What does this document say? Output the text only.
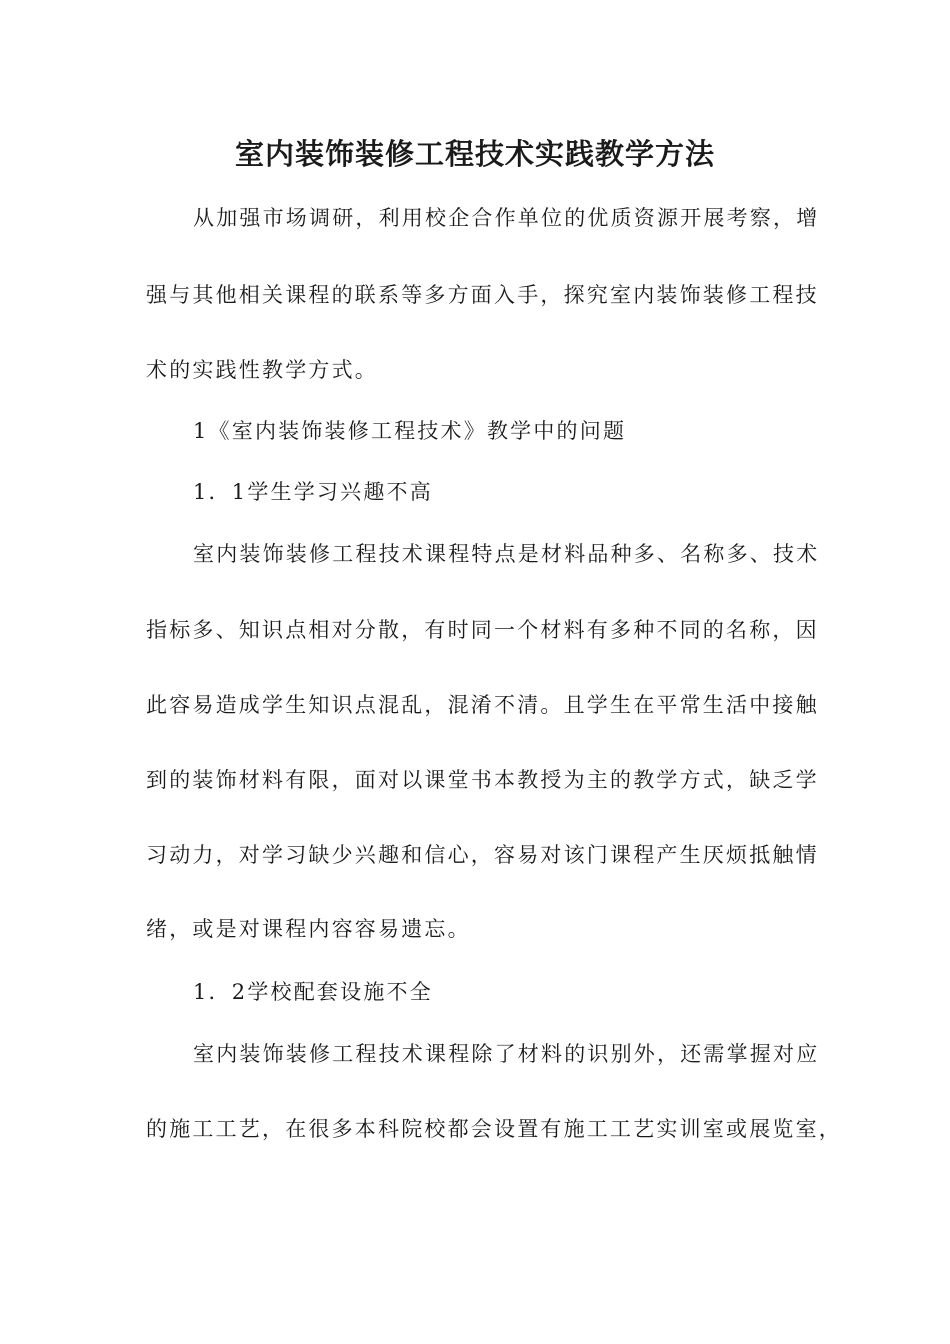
室内装饰装修工程技术实践教学方法

从加强市场调研，利用校企合作单位的优质资源开展考察，增

强与其他相关课程的联系等多方面入手，探究室内装饰装修工程技

术的实践性教学方式。

1《室内装饰装修工程技术》教学中的问题

1．1学生学习兴趣不高

室内装饰装修工程技术课程特点是材料品种多、名称多、技术

指标多、知识点相对分散，有时同一个材料有多种不同的名称，因

此容易造成学生知识点混乱，混淆不清。且学生在平常生活中接触

到的装饰材料有限，面对以课堂书本教授为主的教学方式，缺乏学

习动力，对学习缺少兴趣和信心，容易对该门课程产生厌烦抵触情

绪，或是对课程内容容易遗忘。

1．2学校配套设施不全

室内装饰装修工程技术课程除了材料的识别外，还需掌握对应

的施工工艺，在很多本科院校都会设置有施工工艺实训室或展览室，
